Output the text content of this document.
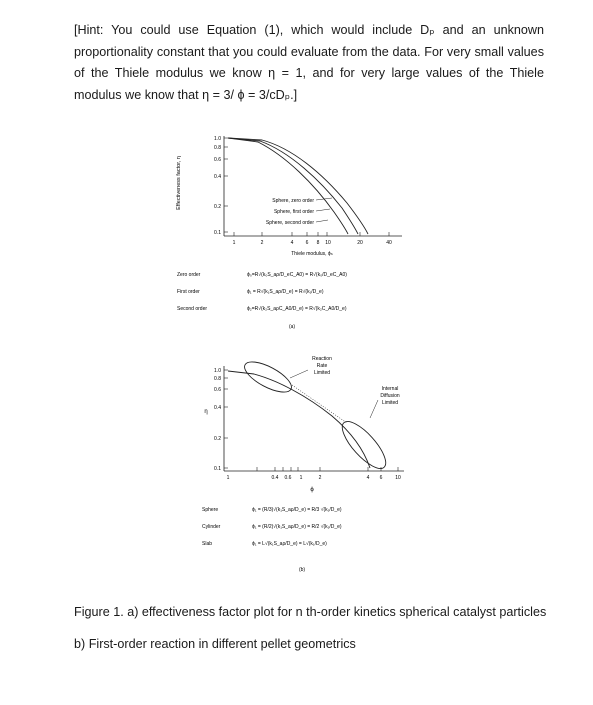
[Hint: You could use Equation (1), which would include Dₚ and an unknown proportionality constant that you could evaluate from the data. For very small values of the Thiele modulus we know η = 1, and for very large values of the Thiele modulus we know that η = 3/ ϕ = 3/cDₚ.]
Effectiveness factor, η
1.0
0.8
0.6
0.4
0.2
0.1
1	2	4 6 8 10	20	40
Sphere, zero order
Sphere, first order
Sphere, second order
Thiele modulus, ϕₙ
Zero order	ϕ₀=R√(k₀S_aρ/D_eC_A0) = R√(k₀/D_eC_A0)
First order	ϕ₁ = R√(k₁S_aρ/D_e) = R√(k₁/D_e)
Second order	ϕ₂=R√(k₂S_aρC_A0/D_e) = R√(k₂C_A0/D_e)
(a)
η
1.0
0.8
0.6
0.4
0.2
0.1
1	0.4 0.6 1	2	4 6	10
Reaction
Rate
Limited
Internal
Diffusion
Limited
ϕ
Sphere	ϕ₁ = (R/3)√(k₁S_aρ/D_e) = R/3 √(k₁/D_e)
Cylinder	ϕ₁ = (R/2)√(k₁S_aρ/D_e) = R/2 √(k₁/D_e)
Slab	ϕ₁ = L√(k₁S_aρ/D_e) = L√(k₁/D_e)
(b)
Figure 1. a) effectiveness factor plot for n th-order kinetics spherical catalyst particles
b) First-order reaction in different pellet geometrics
